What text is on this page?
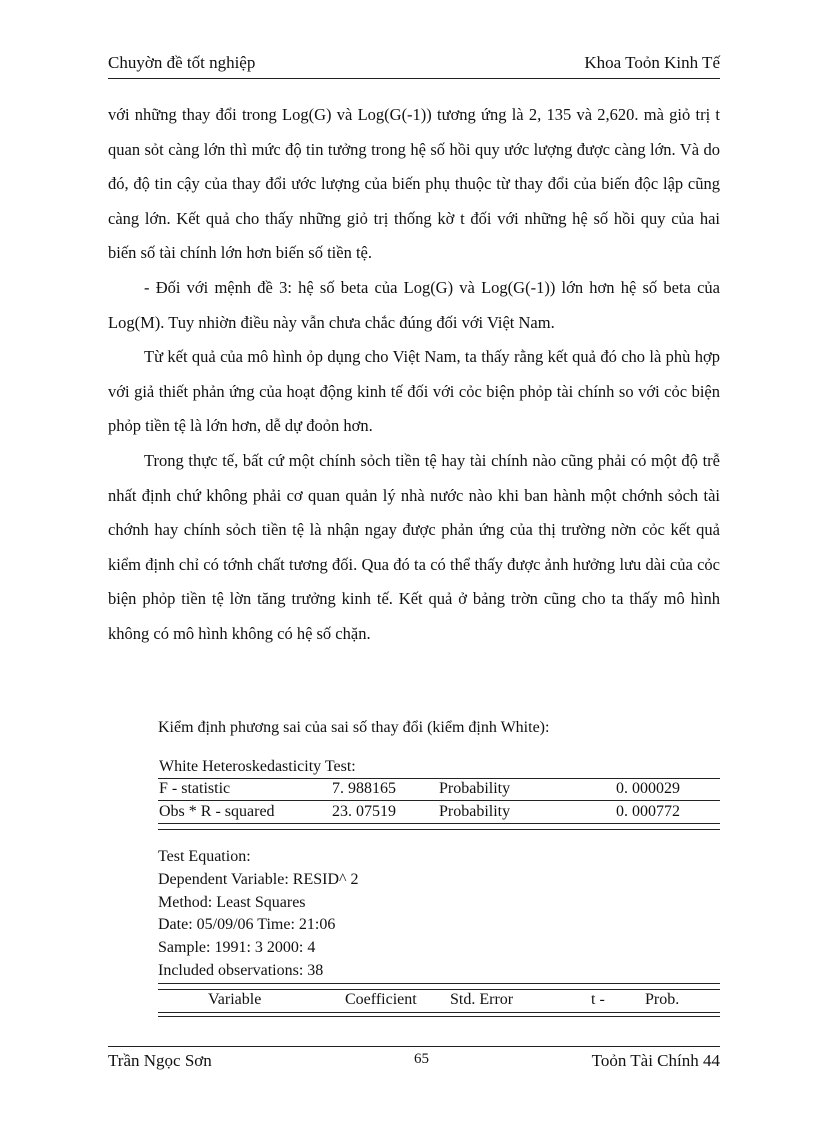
Chuyờn đề tốt nghiệp	Khoa Toỏn Kinh Tế

với những thay đổi trong Log(G) và Log(G(-1)) tương ứng là 2, 135 và 2,620. mà giỏ trị t quan sỏt càng lớn thì mức độ tin tưởng trong hệ số hồi quy ước lượng được càng lớn. Và do đó, độ tin cậy của thay đổi ước lượng của biến phụ thuộc từ thay đổi của biến độc lập cũng càng lớn. Kết quả cho thấy những giỏ trị thống kờ t đối với những hệ số hồi quy của hai biến số tài chính lớn hơn biến số tiền tệ.

- Đối với mệnh đề 3: hệ số beta của Log(G) và Log(G(-1)) lớn hơn hệ số beta của Log(M). Tuy nhiờn điều này vẫn chưa chắc đúng đối với Việt Nam.

Từ kết quả của mô hình ỏp dụng cho Việt Nam, ta thấy rằng kết quả đó cho là phù hợp với giả thiết phản ứng của hoạt động kinh tế đối với cỏc biện phỏp tài chính so với cỏc biện phỏp tiền tệ là lớn hơn, dễ dự đoỏn hơn.

Trong thực tế, bất cứ một chính sỏch tiền tệ hay tài chính nào cũng phải có một độ trễ nhất định chứ không phải cơ quan quản lý nhà nước nào khi ban hành một chớnh sỏch tài chớnh hay chính sỏch tiền tệ là nhận ngay được phản ứng của thị trường nờn cỏc kết quả kiểm định chỉ có tớnh chất tương đối. Qua đó ta có thể thấy được ảnh hưởng lưu dài của cỏc biện phỏp tiền tệ lờn tăng trưởng kinh tế. Kết quả ở bảng trờn cũng cho ta thấy mô hình không có mô hình không có hệ số chặn.

Kiểm định phương sai của sai số thay đổi (kiểm định White):
White Heteroskedasticity Test:
F - statistic	7. 988165	Probability	0. 000029
Obs * R - squared	23. 07519	Probability	0. 000772
Test Equation:
Dependent Variable: RESID^ 2
Method: Least Squares
Date: 05/09/06 Time: 21:06
Sample: 1991: 3 2000: 4
Included observations: 38
Variable	Coefficient Std. Error	t -	Prob.
Trần Ngọc Sơn	65	Toỏn Tài Chính 44
